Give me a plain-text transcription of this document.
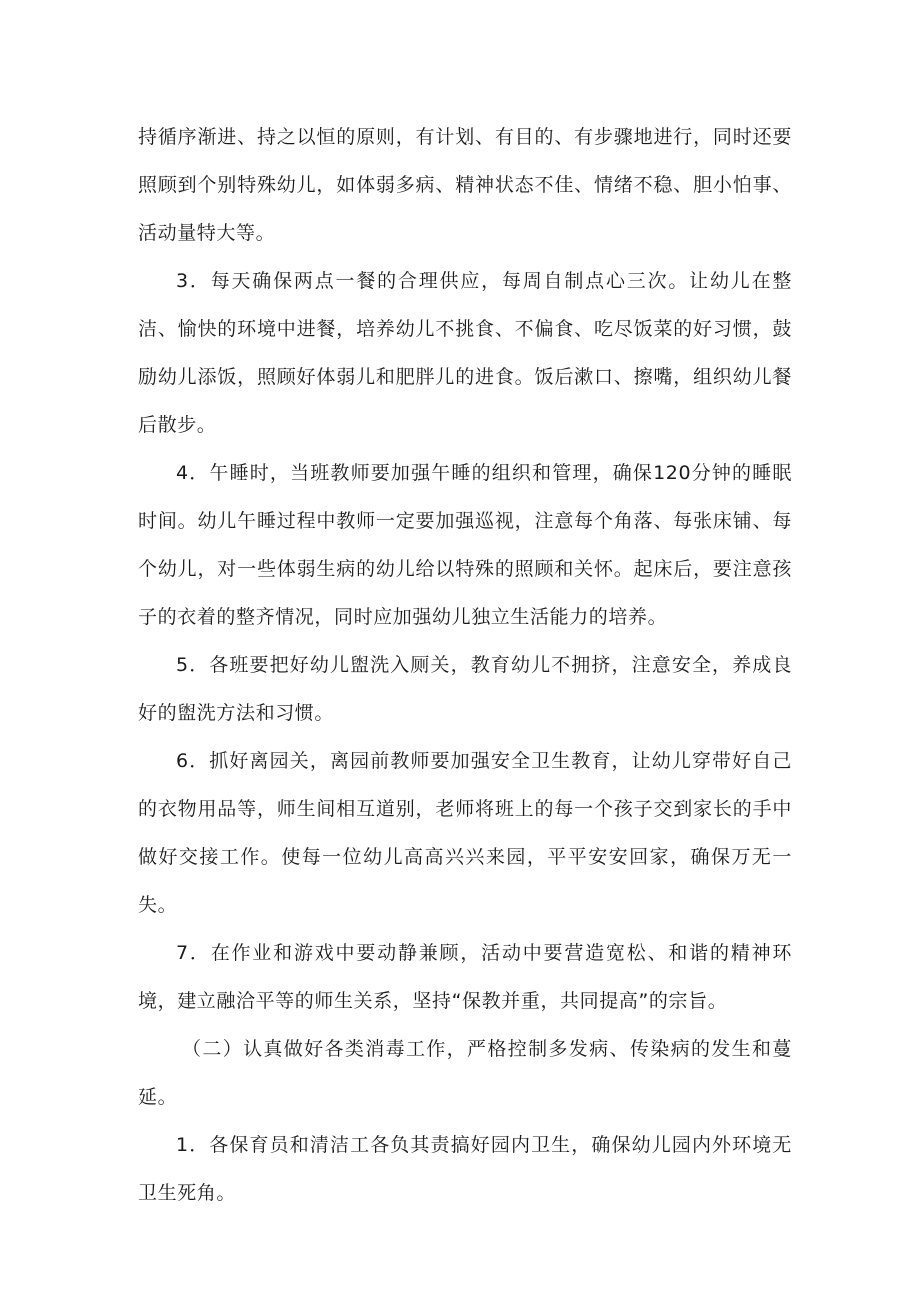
持循序渐进、持之以恒的原则，有计划、有目的、有步骤地进行，同时还要照顾到个别特殊幼儿，如体弱多病、精神状态不佳、情绪不稳、胆小怕事、活动量特大等。

3．每天确保两点一餐的合理供应，每周自制点心三次。让幼儿在整洁、愉快的环境中进餐，培养幼儿不挑食、不偏食、吃尽饭菜的好习惯，鼓励幼儿添饭，照顾好体弱儿和肥胖儿的进食。饭后漱口、擦嘴，组织幼儿餐后散步。

4．午睡时，当班教师要加强午睡的组织和管理，确保120分钟的睡眠时间。幼儿午睡过程中教师一定要加强巡视，注意每个角落、每张床铺、每个幼儿，对一些体弱生病的幼儿给以特殊的照顾和关怀。起床后，要注意孩子的衣着的整齐情况，同时应加强幼儿独立生活能力的培养。

5．各班要把好幼儿盥洗入厕关，教育幼儿不拥挤，注意安全，养成良好的盥洗方法和习惯。

6．抓好离园关，离园前教师要加强安全卫生教育，让幼儿穿带好自己的衣物用品等，师生间相互道别，老师将班上的每一个孩子交到家长的手中做好交接工作。使每一位幼儿高高兴兴来园，平平安安回家，确保万无一失。

7．在作业和游戏中要动静兼顾，活动中要营造宽松、和谐的精神环境，建立融洽平等的师生关系，坚持“保教并重，共同提高”的宗旨。

（二）认真做好各类消毒工作，严格控制多发病、传染病的发生和蔓延。

1．各保育员和清洁工各负其责搞好园内卫生，确保幼儿园内外环境无卫生死角。
